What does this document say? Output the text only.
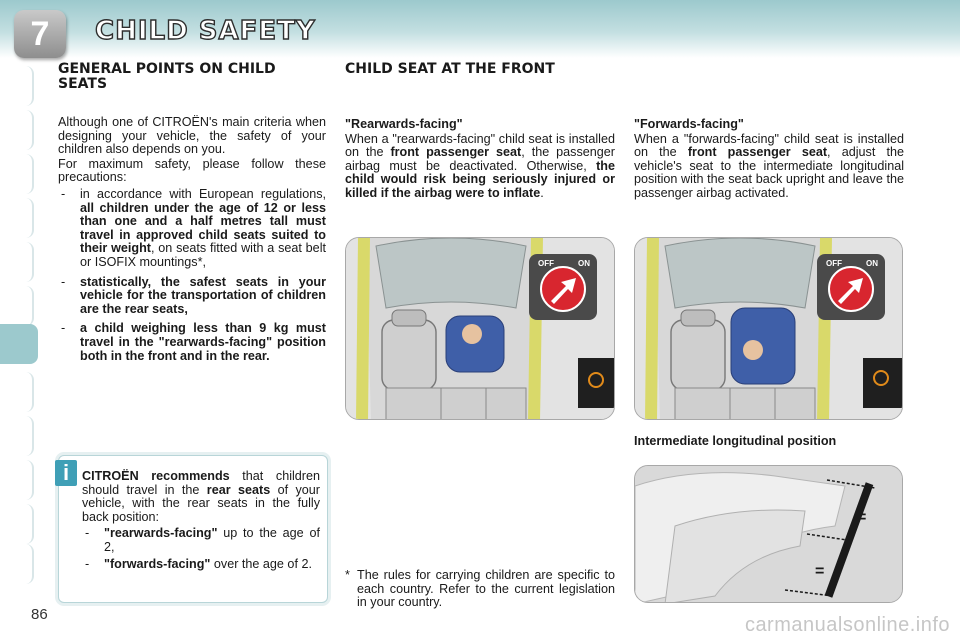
7	CHILD SAFETY
GENERAL POINTS ON CHILD SEATS

Although one of CITROËN's main criteria when designing your vehicle, the safety of your children also depends on you.

For maximum safety, please follow these precautions:

- in accordance with European regulations, all children under the age of 12 or less than one and a half metres tall must travel in approved child seats suited to their weight, on seats fitted with a seat belt or ISOFIX mountings*,
- statistically, the safest seats in your vehicle for the transportation of children are the rear seats,
- a child weighing less than 9 kg must travel in the "rearwards-facing" position both in the front and in the rear.
i	CITROËN recommends that children should travel in the rear seats of your vehicle, with the rear seats in the fully back position:

- "rearwards-facing" up to the age of 2,
- "forwards-facing" over the age of 2.
CHILD SEAT AT THE FRONT

"Rearwards-facing"

When a "rearwards-facing" child seat is installed on the front passenger seat, the passenger airbag must be deactivated. Otherwise, the child would risk being seriously injured or killed if the airbag were to inflate.

OFF	ON
* The rules for carrying children are specific to each country. Refer to the current legislation in your country.

"Forwards-facing"

When a "forwards-facing" child seat is installed on the front passenger seat, adjust the vehicle's seat to the intermediate longitudinal position with the seat back upright and leave the passenger airbag activated.

OFF	ON
Intermediate longitudinal position
=
=
86	carmanualsonline.info
